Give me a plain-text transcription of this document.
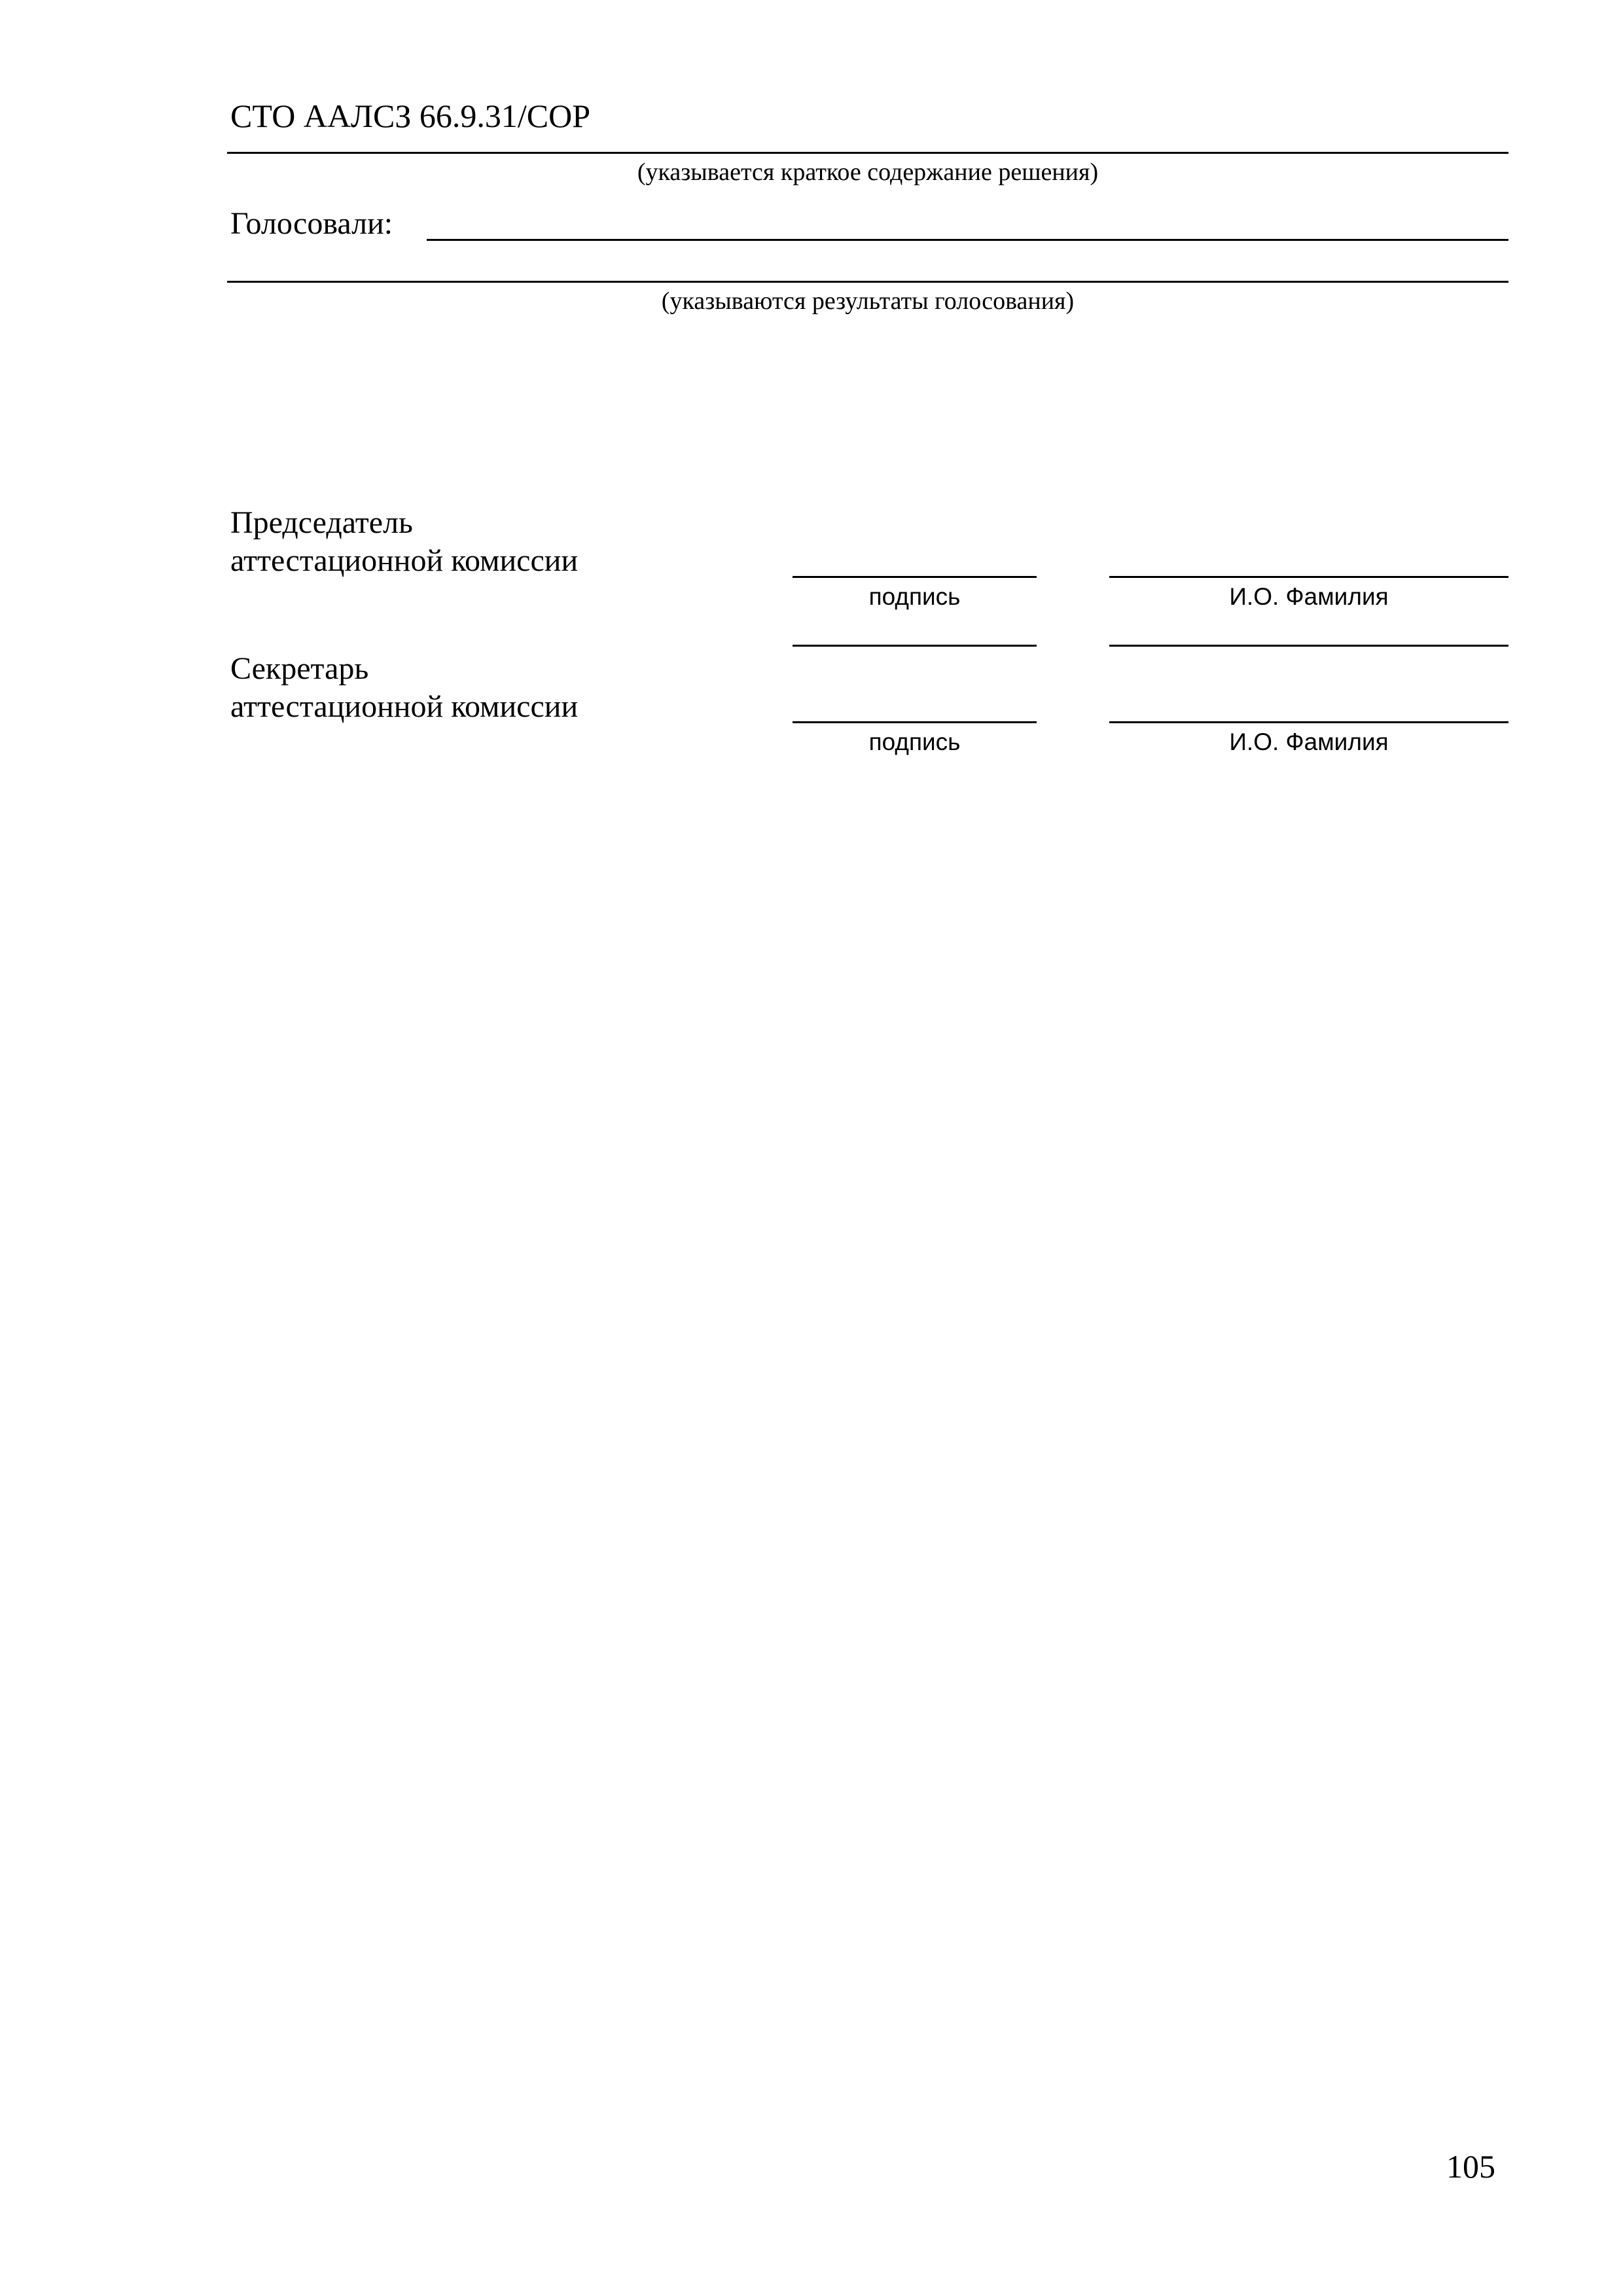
СТО ААЛСЗ 66.9.31/СОР
(указывается краткое содержание решения)
Голосовали:
(указываются результаты голосования)
Председатель
аттестационной комиссии
подпись	И.О. Фамилия
Секретарь
аттестационной комиссии
подпись	И.О. Фамилия
105
